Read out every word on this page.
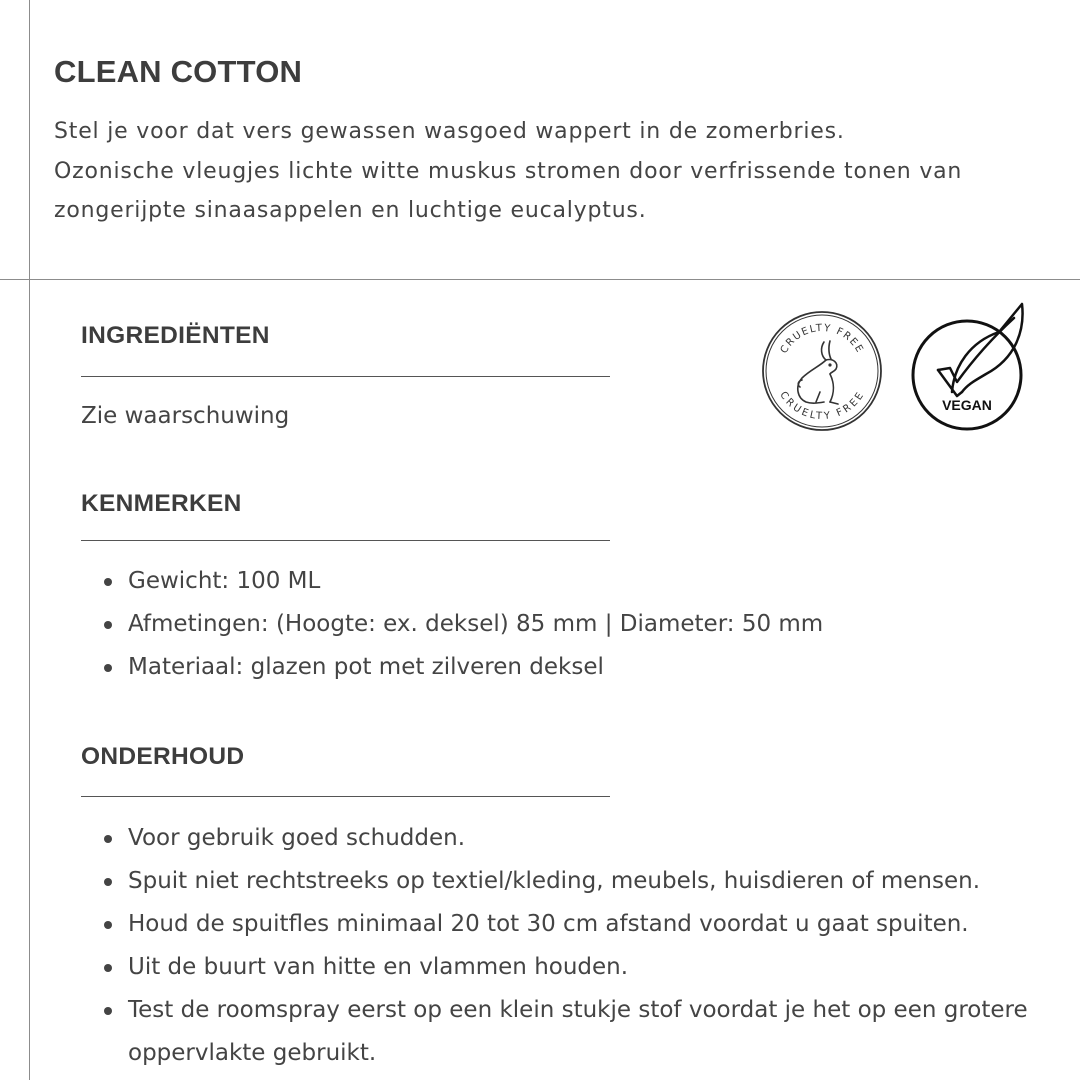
CLEAN COTTON

Stel je voor dat vers gewassen wasgoed wappert in de zomerbries.
Ozonische vleugjes lichte witte muskus stromen door verfrissende tonen van
zongerijpte sinaasappelen en luchtige eucalyptus.

INGREDIËNTEN

Zie waarschuwing

KENMERKEN
Gewicht: 100 ML
Afmetingen: (Hoogte: ex. deksel) 85 mm | Diameter: 50 mm
Materiaal: glazen pot met zilveren deksel
ONDERHOUD
Voor gebruik goed schudden.
Spuit niet rechtstreeks op textiel/kleding, meubels, huisdieren of mensen.
Houd de spuitfles minimaal 20 tot 30 cm afstand voordat u gaat spuiten.
Uit de buurt van hitte en vlammen houden.
Test de roomspray eerst op een klein stukje stof voordat je het op een grotere oppervlakte gebruikt.
CRUELTY FREE
CRUELTY FREE
VEGAN
